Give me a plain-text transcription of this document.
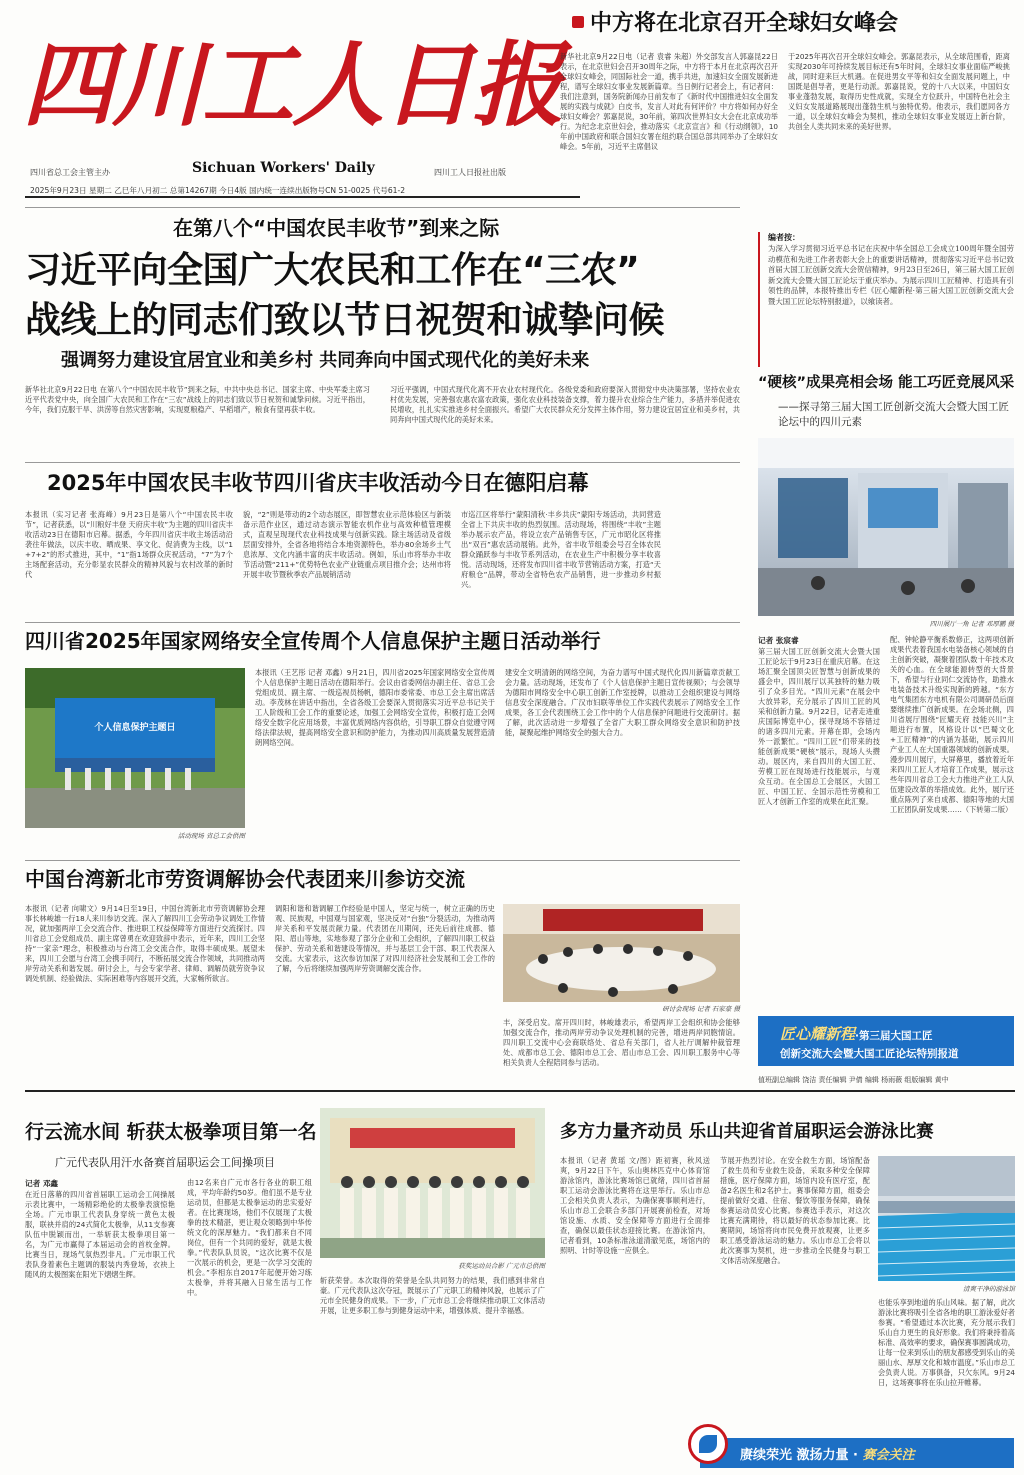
四川工人日报
四川省总工会主管主办	Sichuan Workers' Daily	四川工人日报社出版
2025年9月23日 星期二 乙巳年八月初二 总第14267期 今日4版 国内统一连续出版物号CN 51-0025 代号61-2
中方将在北京召开全球妇女峰会
新华社北京9月22日电（记者 袁睿 朱超）外交部发言人郭嘉昆22日表示，在北京世妇会召开30周年之际，中方将于本月在北京再次召开全球妇女峰会，同国际社会一道，携手共进，加速妇女全面发展新进程，谱写全球妇女事业发展新篇章。当日例行记者会上，有记者问：我们注意到，国务院新闻办日前发布了《新时代中国推进妇女全面发展的实践与成就》白皮书，发言人对此有何评价？中方将如何办好全球妇女峰会？郭嘉昆说，30年前，第四次世界妇女大会在北京成功举行。为纪念北京世妇会，推动落实《北京宣言》和《行动纲领》，10年前中国政府和联合国妇女署在纽约联合国总部共同举办了全球妇女峰会。5年前，习近平主席倡议
于2025年再次召开全球妇女峰会。郭嘉昆表示，从全球范围看，距离实现2030年可持续发展目标还有5年时间，全球妇女事业面临严峻挑战，同时迎来巨大机遇。在促进男女平等和妇女全面发展问题上，中国既是倡导者，更是行动派。郭嘉昆说，党的十八大以来，中国妇女事业蓬勃发展，取得历史性成就，实现全方位跃升，中国特色社会主义妇女发展道路展现出蓬勃生机与独特优势。他表示，我们愿同各方一道，以全球妇女峰会为契机，推动全球妇女事业发展迈上新台阶，共创全人类共同未来的美好世界。
编者按：
为深入学习贯彻习近平总书记在庆祝中华全国总工会成立100周年暨全国劳动模范和先进工作者表彰大会上的重要讲话精神，贯彻落实习近平总书记致首届大国工匠创新交流大会贺信精神，9月23日至26日，第三届大国工匠创新交流大会暨大国工匠论坛于重庆举办。为展示四川工匠精神、打造具有引领性的品牌，本报特推出专栏《匠心耀新程·第三届大国工匠创新交流大会暨大国工匠论坛特别报道》，以飨读者。
在第八个“中国农民丰收节”到来之际
习近平向全国广大农民和工作在“三农”
战线上的同志们致以节日祝贺和诚挚问候
强调努力建设宜居宜业和美乡村 共同奔向中国式现代化的美好未来
新华社北京9月22日电 在第八个“中国农民丰收节”到来之际，中共中央总书记、国家主席、中央军委主席习近平代表党中央，向全国广大农民和工作在“三农”战线上的同志们致以节日祝贺和诚挚问候。习近平指出，今年，我们克服干旱、洪涝等自然灾害影响，实现夏粮稳产、早稻增产，粮食有望再获丰收。
习近平强调，中国式现代化离不开农业农村现代化。各级党委和政府要深入贯彻党中央决策部署，坚持农业农村优先发展，完善强农惠农富农政策，强化农业科技装备支撑，着力提升农业综合生产能力，多措并举促进农民增收，扎扎实实推进乡村全面振兴。希望广大农民群众充分发挥主体作用，努力建设宜居宜业和美乡村，共同奔向中国式现代化的美好未来。
“硬核”成果亮相会场 能工巧匠竞展风采
——探寻第三届大国工匠创新交流大会暨大国工匠论坛中的四川元素
四川展厅一角 记者 邓厚鹏 摄
记者 张宸睿
第三届大国工匠创新交流大会暨大国工匠论坛于9月23日在重庆启幕。在这场汇聚全国顶尖匠智慧与创新成果的盛会中，四川展厅以其独特的魅力吸引了众多目光。“四川元素”在展会中大放异彩，充分展示了四川工匠的风采和创新力量。9月22日，记者走进重庆国际博览中心，探寻现场不容错过的诸多四川元素。开幕在即，会场内外一派繁忙。“四川工匠”们带来的技能创新成果“硬核”展示，现场人头攒动。展区内，来自四川的大国工匠、劳模工匠在现场进行技能展示，与观众互动。在全国总工会展区，大国工匠、中国工匠、全国示范性劳模和工匠人才创新工作室的成果在此汇聚。
配、钟轮静平衡系数修正，这两项创新成果代表着我国水电装备核心领域的自主创新突破，凝聚着团队数十年技术攻关的心血。在全球能源转型的大背景下，希望与行业同仁交流协作，助推水电装备技术升级实现新的跨越。“东方电气集团东方电机有限公司调研员后面要继续推广创新成果。在会场北侧，四川省展厅围绕“匠耀天府 技能兴川”主题进行布置，风格设计以“巴蜀文化+工匠精神”的内涵为基础，展示四川产业工人在大国重器领域的创新成果。漫步四川展厅，大屏幕里，播放着近年来四川工匠人才培育工作成果，展示这些年四川省总工会大力推进产业工人队伍建设改革的举措成效。此外，展厅还重点陈列了来自成都、德阳等地的大国工匠团队研发成果……（下转第二版）
匠心耀新程·第三届大国工匠
创新交流大会暨大国工匠论坛特别报道
2025年中国农民丰收节四川省庆丰收活动今日在德阳启幕
本报讯（实习记者 张海峰）9月23日是第八个“中国农民丰收节”，记者获悉，以“川粮好丰登 天府庆丰收”为主题的四川省庆丰收活动23日在德阳市启幕。据悉，今年四川省庆丰收主场活动沿袭往年做法，以庆丰收、晒成果、享文化、促消费为主线，以“1+7+2”的形式推进，其中，“1”指1场群众庆祝活动，“7”为7个主场配套活动，充分彰显农民群众的精神风貌与农村改革的新时代
貌，“2”则是带动的2个动态展区，即智慧农业示范体验区与新装备示范作业区，通过动态演示智能农机作业与高效种植管理模式，直观呈现现代农业科技成果与创新实践。除主场活动及省级层面安排外，全省各地将结合本地资源特色，举办80余场乡土气息浓厚、文化内涵丰富的庆丰收活动。例如，乐山市将举办丰收节活动暨“211+”优势特色农业产业链重点项目推介会；达州市将开展丰收节暨秋季农产品展销活动
市巡江区将举行“蒙阳清秋·丰乡共庆”蒙阳专场活动，共同营造全省上下共庆丰收的热烈氛围。活动现场，将围绕“丰收”主题举办展示农产品，将设立农产品销售专区，广元市昭化区将推出“双百”惠农活动展销。此外，省丰收节组委会号召全体农民群众踊跃参与丰收节系列活动，在农业生产中积极分享丰收喜悦。活动现场，还将发布四川省丰收节营销活动方案，打造“天府粮仓”品牌，带动全省特色农产品销售，进一步推动乡村振兴。
四川省2025年国家网络安全宣传周个人信息保护主题日活动举行
个人信息保护主题日
活动现场 省总工会供图
本报讯（王艺彤 记者 邓鑫）9月21日，四川省2025年国家网络安全宣传周个人信息保护主题日活动在德阳举行。会议由省委网信办副主任、省总工会党组成员、副主席、一级巡视员杨帆，德阳市委常委、市总工会主席出席活动。李茂林在讲话中指出，全省各级工会要深入贯彻落实习近平总书记关于工人阶级和工会工作的重要论述，加强工会网络安全宣传，积极打造工会网络安全数字化应用场景，丰富优质网络内容供给，引导职工群众自觉遵守网络法律法规，提高网络安全意识和防护能力，为推动四川高质量发展营造清朗网络空间。
建安全文明清朗的网络空间，为奋力谱写中国式现代化四川新篇章贡献工会力量。活动现场，还发布了《个人信息保护主题日宣传视频》；与会领导为德阳市网络安全中心职工创新工作室授牌，以推动工会组织建设与网络信息安全深度融合。广汉市妇联等单位工作实践代表展示了网络安全工作成果，各工会代表围绕工会工作中的个人信息保护问题进行交流研讨。据了解，此次活动进一步增强了全省广大职工群众网络安全意识和防护技能，凝聚起维护网络安全的强大合力。
中国台湾新北市劳资调解协会代表团来川参访交流
本报讯（记者 向啸文）9月14日至19日，中国台湾新北市劳资调解协会理事长林峻雄一行18人来川参访交流。深入了解四川工会劳动争议调处工作情况，就加强两岸工会交流合作、推进职工权益保障等方面进行交流探讨。四川省总工会党组成员、副主席曾勇在欢迎致辞中表示，近年来，四川工会坚持“一家亲”理念，积极推动与台湾工会交流合作，取得丰硕成果。展望未来，四川工会愿与台湾工会携手同行，不断拓展交流合作领域，共同推动两岸劳动关系和谐发展。研讨会上，与会专家学者、律师、调解员就劳资争议调处机制、经验做法、实际困难等内容展开交流，大家畅所欲言。
调阳和谐和谐调解工作经验是中国人，坚定与统一，树立正确的历史观、民族观，中国观与国家观，坚决反对“台独”分裂活动，为推动两岸关系和平发展贡献力量。代表团在川期间，还先后前往成都、德阳、眉山等地，实地参观了部分企业和工会组织，了解四川职工权益保护、劳动关系和谐建设等情况，并与基层工会干部、职工代表深入交流。大家表示，这次参访加深了对四川经济社会发展和工会工作的了解，今后将继续加强两岸劳资调解交流合作。
研讨会现场 记者 石家豪 摄
丰，深受启发。席开四川时，林峻雄表示，希望两岸工会组织和协会能够加强交流合作，推动两岸劳动争议处理机制的完善，增进两岸同胞情谊。四川职工交流中心会商联络处、省总有关部门，省人社厅调解仲裁管理处、成都市总工会、德阳市总工会、眉山市总工会、四川职工服务中心等相关负责人全程陪同参与活动。
值班副总编辑 饶洁 责任编辑 尹倩 编辑 杨雨薇 组版编辑 黄中
行云流水间 斩获太极拳项目第一名
广元代表队用汗水备赛首届职运会工间操项目
获奖运动员合影 广元市总供图
记者 邓鑫
在近日落幕的四川省首届职工运动会工间操展示表比赛中，一场精彩绝伦的太极拳表演惊艳全场。广元市职工代表队身穿统一黄色太极服，联袂并肩的24式简化太极拳，从11支参赛队伍中脱颖而出，一举斩获太极拳项目第一名，为广元市赢得了本届运动会的首枚金牌。比赛当日，现场气氛热烈非凡。广元市职工代表队身着素色主题调的服装内秀登场，衣袂上随风的太极图案在阳光下熠熠生辉。
由12名来自广元市各行各业的职工组成，平均年龄约50岁。他们虽不是专业运动员，但都是太极拳运动的忠实爱好者。在比赛现场，他们不仅展现了太极拳的技术精湛，更让观众领略到中华传统文化的深厚魅力。“我们都来自不同岗位，但有一个共同的爱好，就是太极拳。”代表队队员说，“这次比赛不仅是一次展示的机会，更是一次学习交流的机会。”李相东自2017年起便开始习练太极拳，并将其融入日常生活与工作中。
斩获荣誉。本次取得的荣誉是全队共同努力的结果，我们感到非常自豪。广元代表队这次夺冠，既展示了广元职工的精神风貌，也展示了广元市全民健身的成果。下一步，广元市总工会将继续推动职工文体活动开展，让更多职工参与到健身运动中来，增强体质、提升幸福感。
多方力量齐动员 乐山共迎省首届职运会游泳比赛
本报讯（记者 黄瑶 文/图）距初赛，秋风送爽，9月22日下午，乐山奥林匹克中心体育馆游泳馆内，游泳比赛场馆已就绪，四川省首届职工运动会游泳比赛将在这里举行。乐山市总工会相关负责人表示，为确保赛事顺利进行，乐山市总工会联合多部门开展赛前检查，对场馆设施、水质、安全保障等方面进行全面排查，确保以最佳状态迎接比赛。在游泳馆内，记者看到，10条标准泳道清澈见底，场馆内的照明、计时等设施一应俱全。
节展开热烈讨论。在安全救生方面，场馆配备了救生员和专业救生设备，采取多种安全保障措施，医疗保障方面，场馆内设有医疗室，配备2名医生和2名护士。赛事保障方面，组委会提前做好交通、住宿、餐饮等服务保障，确保参赛运动员安心比赛。参赛选手表示，对这次比赛充满期待，将以最好的状态参加比赛。比赛期间，场馆将向市民免费开放观赛，让更多职工感受游泳运动的魅力。乐山市总工会将以此次赛事为契机，进一步推动全民健身与职工文体活动深度融合。
清爽干净的游泳馆
也能乐享到地道的乐山风味。据了解，此次游泳比赛将吸引全省各地的职工游泳爱好者参赛。“希望通过本次比赛，充分展示我们乐山自力更生的良好形象。我们将秉持着高标准、高效率的要求，确保赛事圆满成功，让每一位来到乐山的朋友都感受到乐山的美丽山水、厚厚文化和城市温度。”乐山市总工会负责人说。万事俱备，只欠东风。9月24日，这场赛事将在乐山拉开帷幕。
赓续荣光 激扬力量 · 赛会关注
